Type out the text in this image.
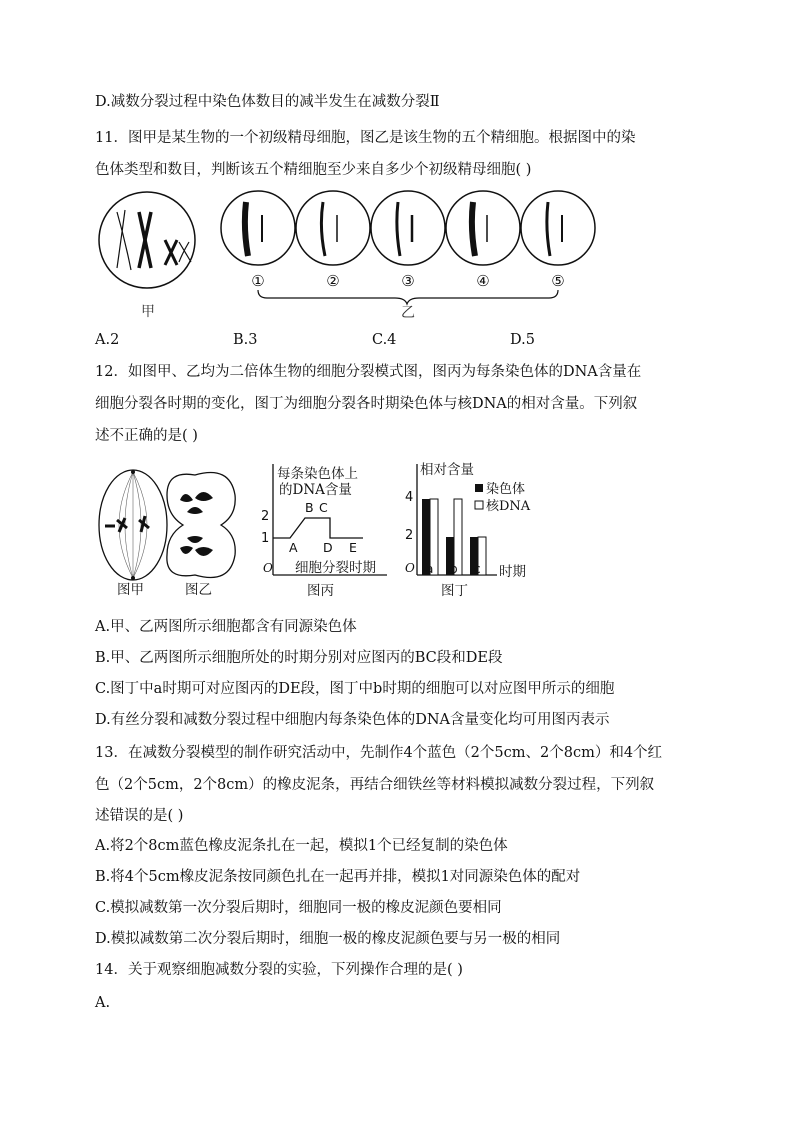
D.减数分裂过程中染色体数目的减半发生在减数分裂Ⅱ
11．图甲是某生物的一个初级精母细胞，图乙是该生物的五个精细胞。根据图中的染
色体类型和数目，判断该五个精细胞至少来自多少个初级精母细胞( )
甲
①	②	③	④	⑤
乙
A.2	B.3	C.4	D.5
12．如图甲、乙均为二倍体生物的细胞分裂模式图，图丙为每条染色体的DNA含量在
细胞分裂各时期的变化，图丁为细胞分裂各时期染色体与核DNA的相对含量。下列叙
述不正确的是( )
每条染色体上
的DNA含量
2
1
A
B C
D E
O 细胞分裂时期
图丙
相对含量
4
2
染色体
核DNA
a b c
O	时期
图丁
图甲	图乙
A.甲、乙两图所示细胞都含有同源染色体
B.甲、乙两图所示细胞所处的时期分别对应图丙的BC段和DE段
C.图丁中a时期可对应图丙的DE段，图丁中b时期的细胞可以对应图甲所示的细胞
D.有丝分裂和减数分裂过程中细胞内每条染色体的DNA含量变化均可用图丙表示
13．在减数分裂模型的制作研究活动中，先制作4个蓝色（2个5cm、2个8cm）和4个红
色（2个5cm，2个8cm）的橡皮泥条，再结合细铁丝等材料模拟减数分裂过程，下列叙
述错误的是( )
A.将2个8cm蓝色橡皮泥条扎在一起，模拟1个已经复制的染色体
B.将4个5cm橡皮泥条按同颜色扎在一起再并排，模拟1对同源染色体的配对
C.模拟减数第一次分裂后期时，细胞同一极的橡皮泥颜色要相同
D.模拟减数第二次分裂后期时，细胞一极的橡皮泥颜色要与另一极的相同
14．关于观察细胞减数分裂的实验，下列操作合理的是( )
A.
